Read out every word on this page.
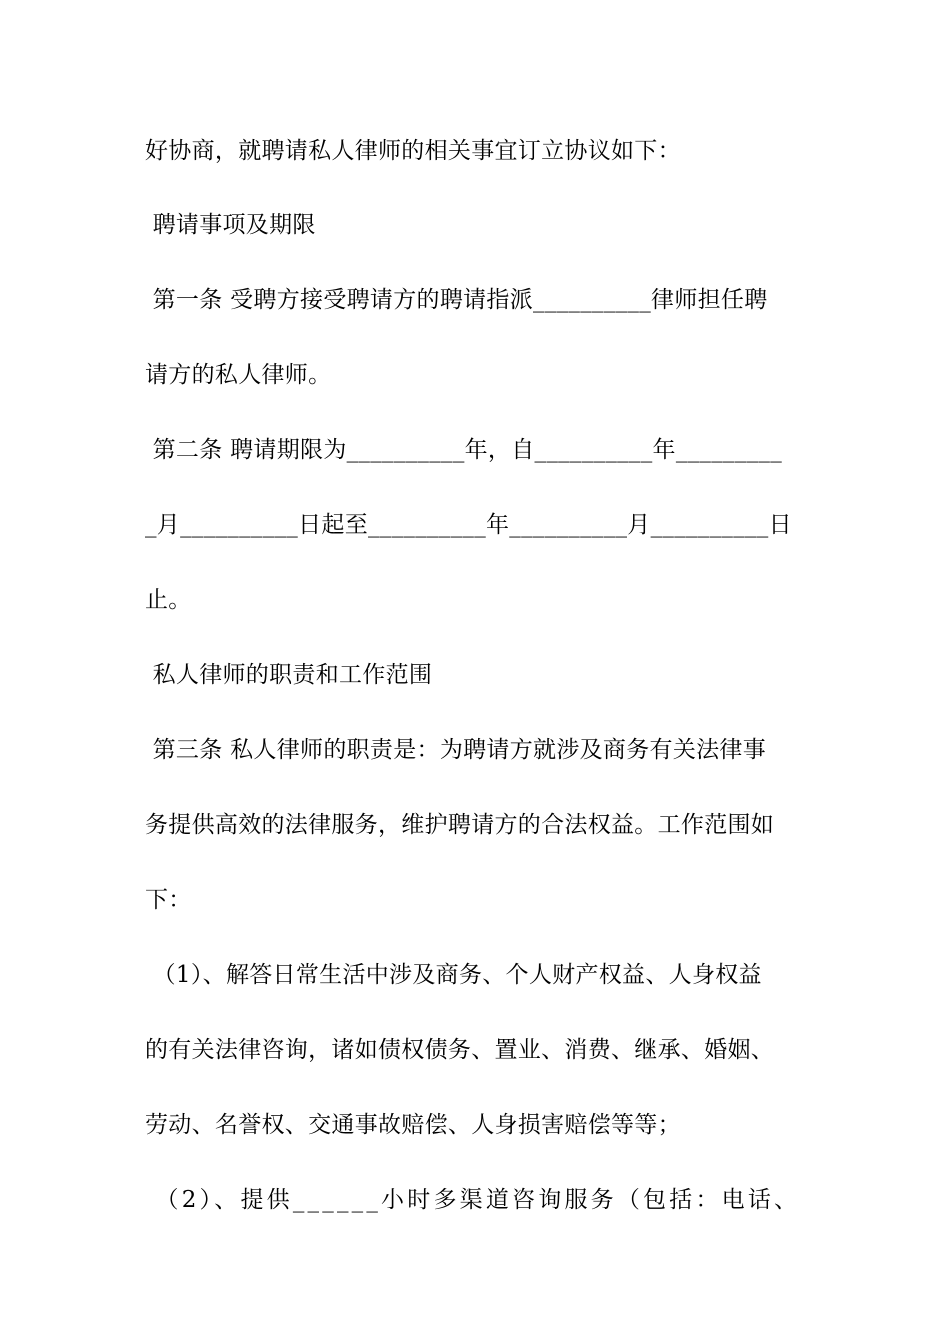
好协商，就聘请私人律师的相关事宜订立协议如下：
聘请事项及期限
第一条 受聘方接受聘请方的聘请指派__________律师担任聘
请方的私人律师。
第二条 聘请期限为__________年，自__________年_________
_月__________日起至__________年__________月__________日
止。
私人律师的职责和工作范围
第三条 私人律师的职责是：为聘请方就涉及商务有关法律事
务提供高效的法律服务，维护聘请方的合法权益。工作范围如
下：
（1）、解答日常生活中涉及商务、个人财产权益、人身权益
的有关法律咨询，诸如债权债务、置业、消费、继承、婚姻、
劳动、名誉权、交通事故赔偿、人身损害赔偿等等；
（2）、提供______小时多渠道咨询服务（包括：电话、
